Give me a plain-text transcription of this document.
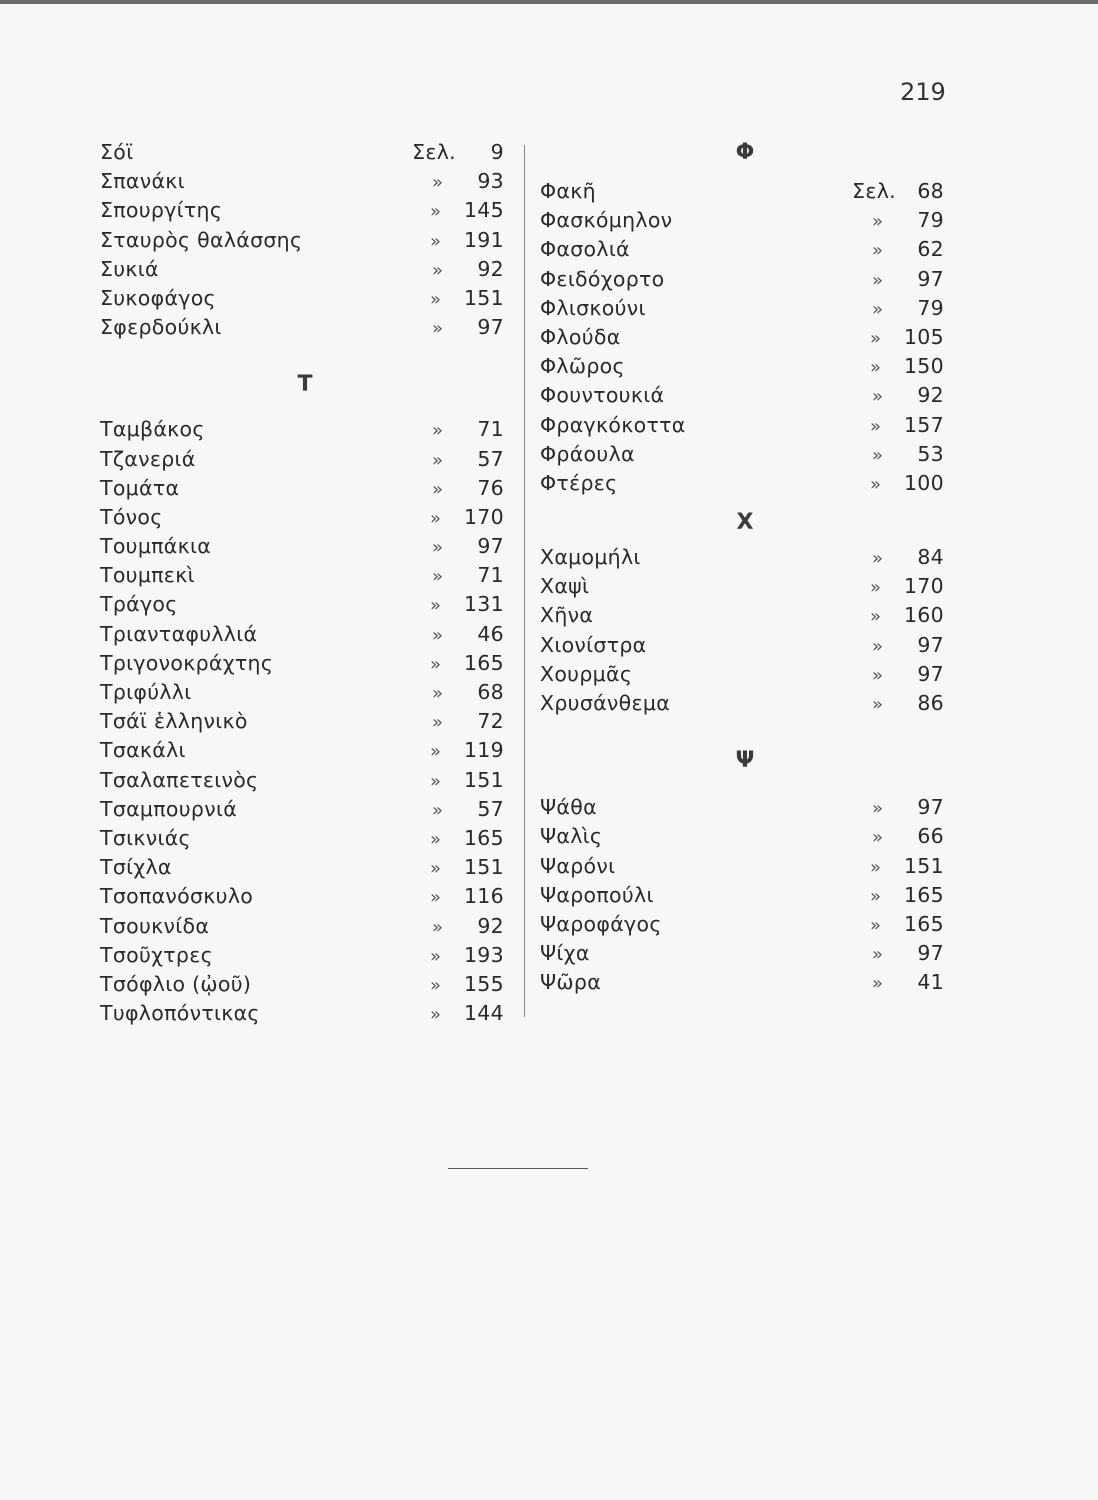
219
Σόϊ	Σελ. 9
Σπανάκι	» 93
Σπουργίτης	» 145
Σταυρὸς θαλάσσης	» 191
Συκιά	» 92
Συκοφάγος	» 151
Σφερδούκλι	» 97
Τ
Ταμβάκος	» 71
Τζανεριά	» 57
Τομάτα	» 76
Τόνος	» 170
Τουμπάκια	» 97
Τουμπεκὶ	» 71
Τράγος	» 131
Τριανταφυλλιά	» 46
Τριγονοκράχτης	» 165
Τριφύλλι	» 68
Τσάϊ ἑλληνικὸ	» 72
Τσακάλι	» 119
Τσαλαπετεινὸς	» 151
Τσαμπουρνιά	» 57
Τσικνιάς	» 165
Τσίχλα	» 151
Τσοπανόσκυλο	» 116
Τσουκνίδα	» 92
Τσοῦχτρες	» 193
Τσόφλιο (ᾠοῦ)	» 155
Τυφλοπόντικας	» 144
Φ
Φακῆ	Σελ. 68
Φασκόμηλον	» 79
Φασολιά	» 62
Φειδόχορτο	» 97
Φλισκούνι	» 79
Φλούδα	» 105
Φλῶρος	» 150
Φουντουκιά	» 92
Φραγκόκοττα	» 157
Φράουλα	» 53
Φτέρες	» 100
Χ
Χαμομήλι	» 84
Χαψὶ	» 170
Χῆνα	» 160
Χιονίστρα	» 97
Χουρμᾶς	» 97
Χρυσάνθεμα	» 86
Ψ
Ψάθα	» 97
Ψαλὶς	» 66
Ψαρόνι	» 151
Ψαροπούλι	» 165
Ψαροφάγος	» 165
Ψίχα	» 97
Ψῶρα	» 41
